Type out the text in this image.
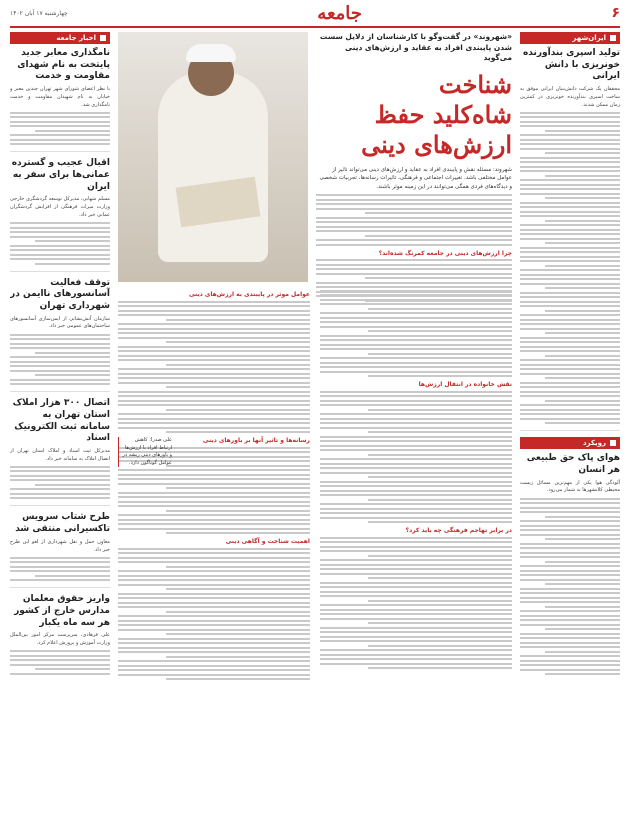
۶
جامعه
چهارشنبه ۱۷ آبان ۱۴۰۲
ایران‌شهر
تولید اسپری بندآورنده خونریزی با دانش ایرانی
محققان یک شرکت دانش‌بنیان ایرانی موفق به ساخت اسپری بندآورنده خونریزی در کمترین زمان ممکن شدند.
رویکرد
هوای پاک حق طبیعی هر انسان
آلودگی هوا یکی از مهم‌ترین مسائل زیست محیطی کلانشهرها به شمار می‌رود.
اخبار جامعه
نامگذاری معابر جدید پایتخت به نام شهدای مقاومت و خدمت
با نظر اعضای شورای شهر تهران چندین معبر و خیابان به نام شهیدان مقاومت و خدمت نامگذاری شد.
اقبال عجیب و گسترده عمانی‌ها برای سفر به ایران
مسلم شهابی، مدیرکل توسعه گردشگری خارجی وزارت میراث فرهنگی از افزایش گردشگران عمانی خبر داد.
توقف فعالیت آسانسورهای ناایمن در شهرداری تهران
سازمان آتش‌نشانی از ایمن‌سازی آسانسورهای ساختمان‌های عمومی خبر داد.
اتصال ۳۰۰ هزار املاک استان تهران به سامانه ثبت الکترونیک اسناد
مدیرکل ثبت اسناد و املاک استان تهران از اتصال املاک به سامانه خبر داد.
طرح شتاب سرویس تاکسیرانی منتقی شد
معاون حمل و نقل شهرداری از لغو این طرح خبر داد.
واریز حقوق معلمان مدارس خارج از کشور هر سه ماه یکبار
علی فرهادی، سرپرست مرکز امور بین‌الملل وزارت آموزش و پرورش اعلام کرد.
«شهروند» در گفت‌وگو با کارشناسان از دلایل سست شدن پایبندی افراد به عقاید و ارزش‌های دینی می‌گوید
شناخت
شاه‌کلید حفظ
ارزش‌های دینی
شهروند: مسئله نقش و پایبندی افراد به عقاید و ارزش‌های دینی می‌تواند تاثیر از عوامل مختلفی باشد. تغییرات اجتماعی و فرهنگی، تاثیرات رسانه‌ها، تجربیات شخصی و دیدگاه‌های فردی همگی می‌توانند در این زمینه موثر باشند.
چرا ارزش‌های دینی در جامعه کمرنگ شده‌اند؟
نقش خانواده در انتقال ارزش‌ها
در برابر تهاجم فرهنگی چه باید کرد؟
عوامل موثر در پایبندی به ارزش‌های دینی
رسانه‌ها و تاثیر آنها بر باورهای دینی
اهمیت شناخت و آگاهی دینی
علی صدرا: کاهش ارتباط افراد با ارزش‌ها و باورهای دینی ریشه در عوامل گوناگون دارد.
